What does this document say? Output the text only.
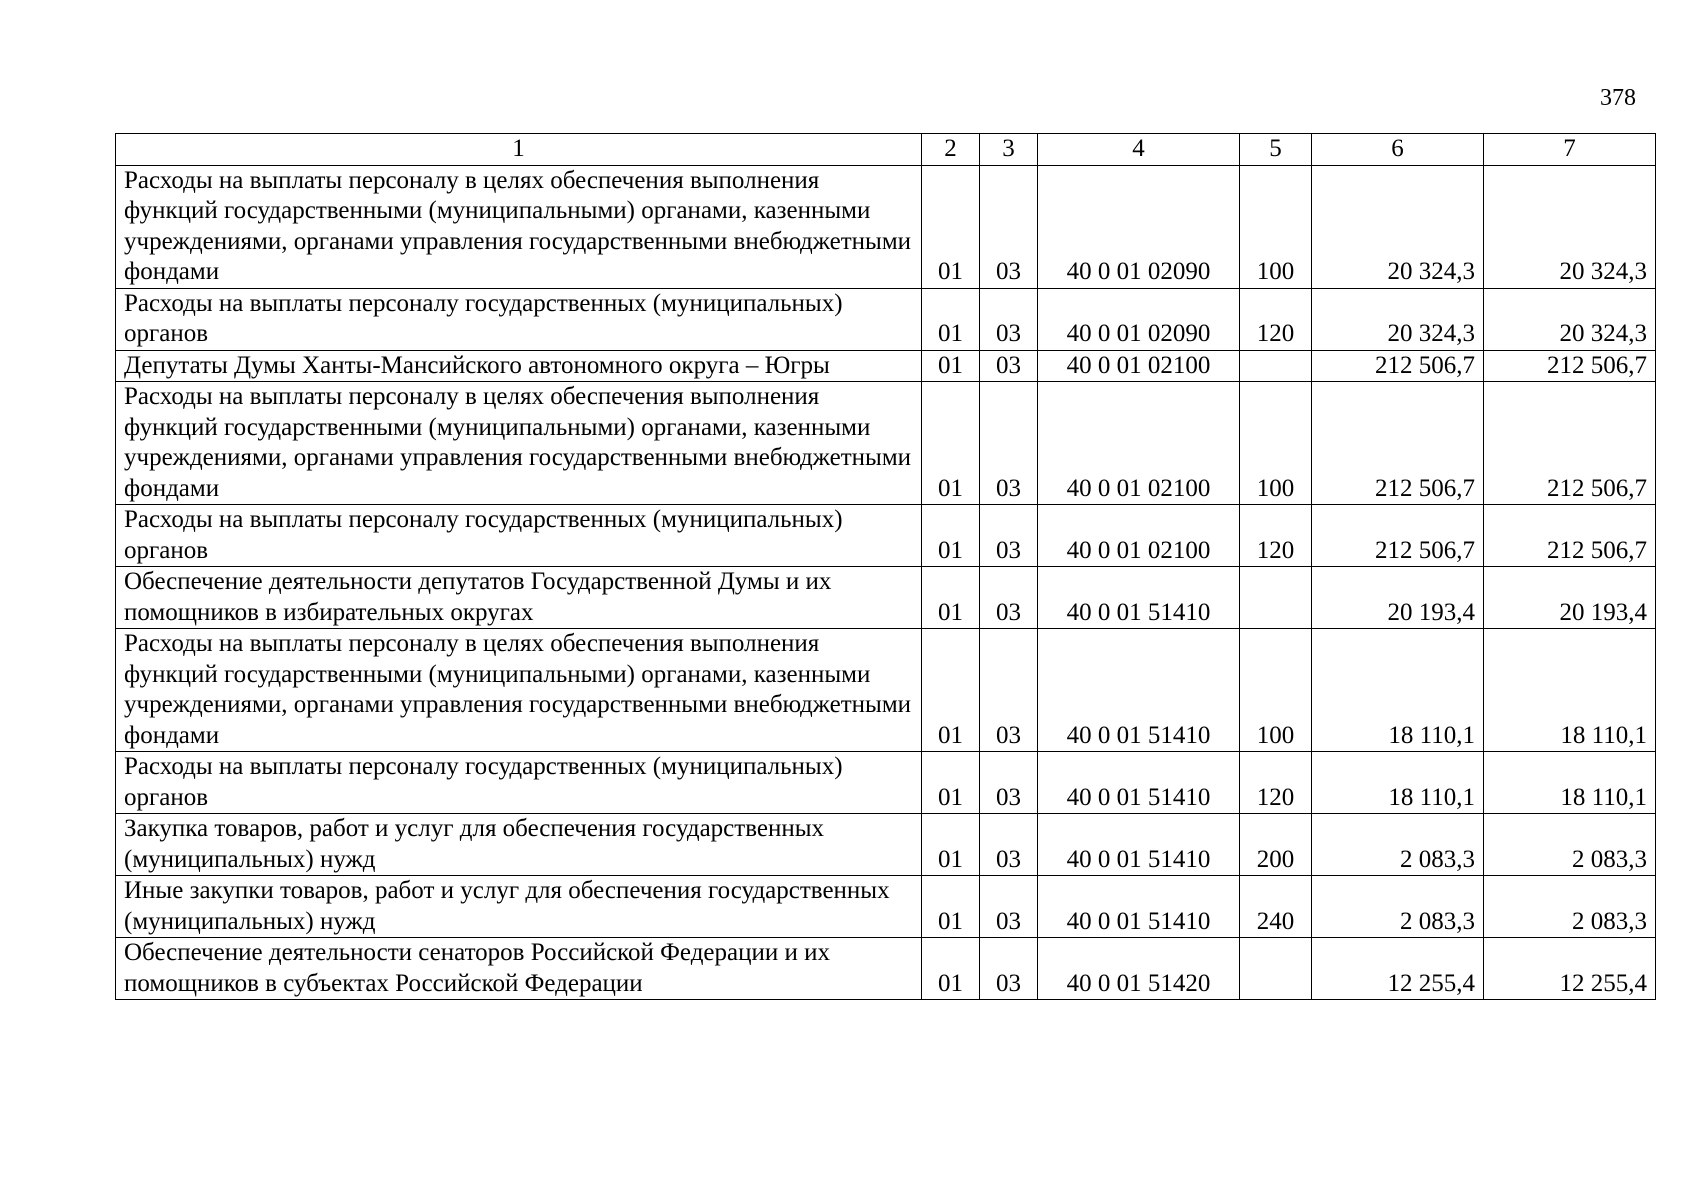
378
1	2	3	4	5	6	7
Расходы на выплаты персоналу в целях обеспечения выполнения функций государственными (муниципальными) органами, казенными учреждениями, органами управления государственными внебюджетными фондами	01	03	40 0 01 02090	100	20 324,3	20 324,3
Расходы на выплаты персоналу государственных (муниципальных) органов	01	03	40 0 01 02090	120	20 324,3	20 324,3
Депутаты Думы Ханты-Мансийского автономного округа – Югры	01	03	40 0 01 02100		212 506,7	212 506,7
Расходы на выплаты персоналу в целях обеспечения выполнения функций государственными (муниципальными) органами, казенными учреждениями, органами управления государственными внебюджетными фондами	01	03	40 0 01 02100	100	212 506,7	212 506,7
Расходы на выплаты персоналу государственных (муниципальных) органов	01	03	40 0 01 02100	120	212 506,7	212 506,7
Обеспечение деятельности депутатов Государственной Думы и их помощников в избирательных округах	01	03	40 0 01 51410		20 193,4	20 193,4
Расходы на выплаты персоналу в целях обеспечения выполнения функций государственными (муниципальными) органами, казенными учреждениями, органами управления государственными внебюджетными фондами	01	03	40 0 01 51410	100	18 110,1	18 110,1
Расходы на выплаты персоналу государственных (муниципальных) органов	01	03	40 0 01 51410	120	18 110,1	18 110,1
Закупка товаров, работ и услуг для обеспечения государственных (муниципальных) нужд	01	03	40 0 01 51410	200	2 083,3	2 083,3
Иные закупки товаров, работ и услуг для обеспечения государственных (муниципальных) нужд	01	03	40 0 01 51410	240	2 083,3	2 083,3
Обеспечение деятельности сенаторов Российской Федерации и их помощников в субъектах Российской Федерации	01	03	40 0 01 51420		12 255,4	12 255,4
